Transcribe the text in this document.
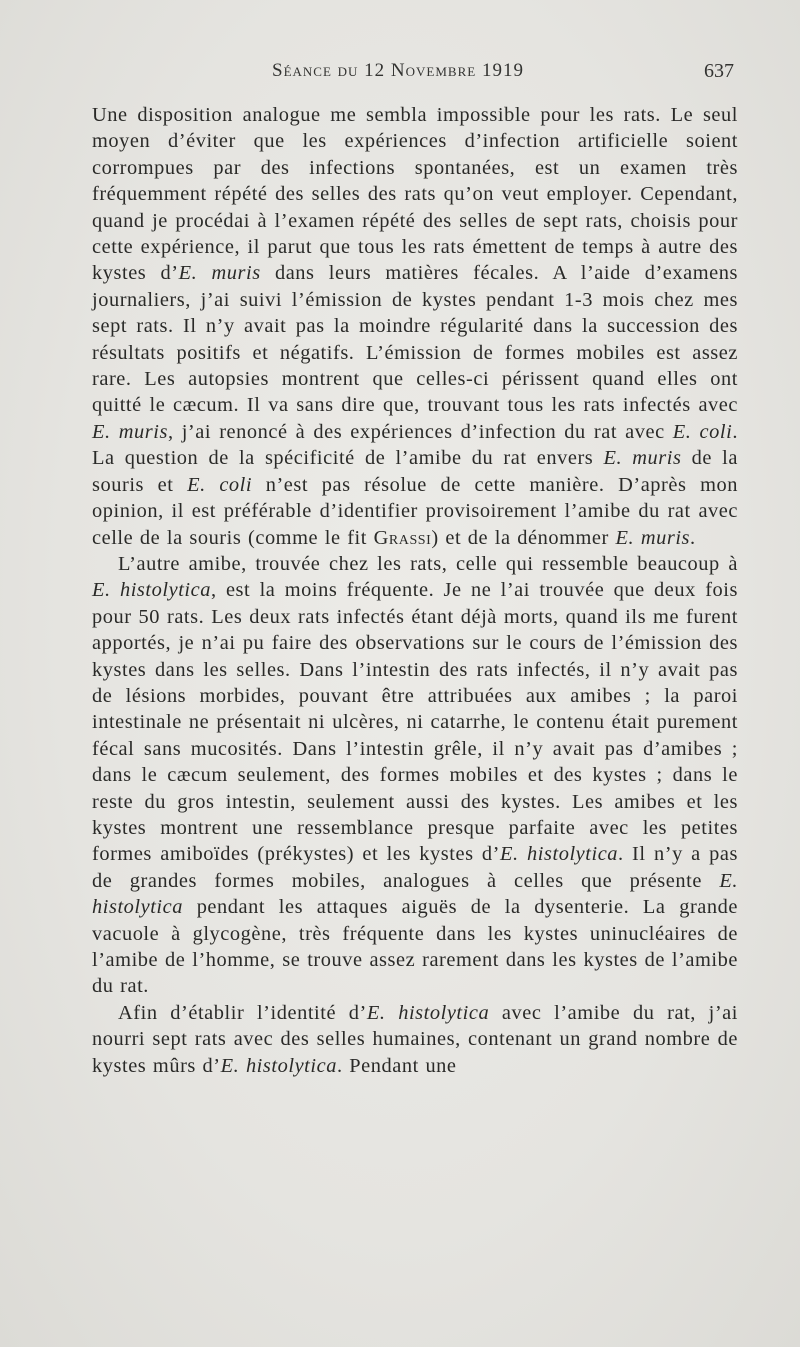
Séance du 12 Novembre 1919	637

Une disposition analogue me sembla impossible pour les rats. Le seul moyen d’éviter que les expériences d’infection artificielle soient corrompues par des infections spontanées, est un examen très fréquemment répété des selles des rats qu’on veut employer. Cependant, quand je procédai à l’examen répété des selles de sept rats, choisis pour cette expérience, il parut que tous les rats émettent de temps à autre des kystes d’E. muris dans leurs matières fécales. A l’aide d’examens journaliers, j’ai suivi l’émission de kystes pendant 1-3 mois chez mes sept rats. Il n’y avait pas la moindre régularité dans la succession des résultats positifs et négatifs. L’émission de formes mobiles est assez rare. Les autopsies montrent que celles-ci périssent quand elles ont quitté le cæcum. Il va sans dire que, trouvant tous les rats infectés avec E. muris, j’ai renoncé à des expériences d’infection du rat avec E. coli. La question de la spécificité de l’amibe du rat envers E. muris de la souris et E. coli n’est pas résolue de cette manière. D’après mon opinion, il est préférable d’identifier provisoirement l’amibe du rat avec celle de la souris (comme le fit Grassi) et de la dénommer E. muris.

L’autre amibe, trouvée chez les rats, celle qui ressemble beaucoup à E. histolytica, est la moins fréquente. Je ne l’ai trouvée que deux fois pour 50 rats. Les deux rats infectés étant déjà morts, quand ils me furent apportés, je n’ai pu faire des observations sur le cours de l’émission des kystes dans les selles. Dans l’intestin des rats infectés, il n’y avait pas de lésions morbides, pouvant être attribuées aux amibes ; la paroi intestinale ne présentait ni ulcères, ni catarrhe, le contenu était purement fécal sans mucosités. Dans l’intestin grêle, il n’y avait pas d’amibes ; dans le cæcum seulement, des formes mobiles et des kystes ; dans le reste du gros intestin, seulement aussi des kystes. Les amibes et les kystes montrent une ressemblance presque parfaite avec les petites formes amiboïdes (prékystes) et les kystes d’E. histolytica. Il n’y a pas de grandes formes mobiles, analogues à celles que présente E. histolytica pendant les attaques aiguës de la dysenterie. La grande vacuole à glycogène, très fréquente dans les kystes uninucléaires de l’amibe de l’homme, se trouve assez rarement dans les kystes de l’amibe du rat.

Afin d’établir l’identité d’E. histolytica avec l’amibe du rat, j’ai nourri sept rats avec des selles humaines, contenant un grand nombre de kystes mûrs d’E. histolytica. Pendant une
